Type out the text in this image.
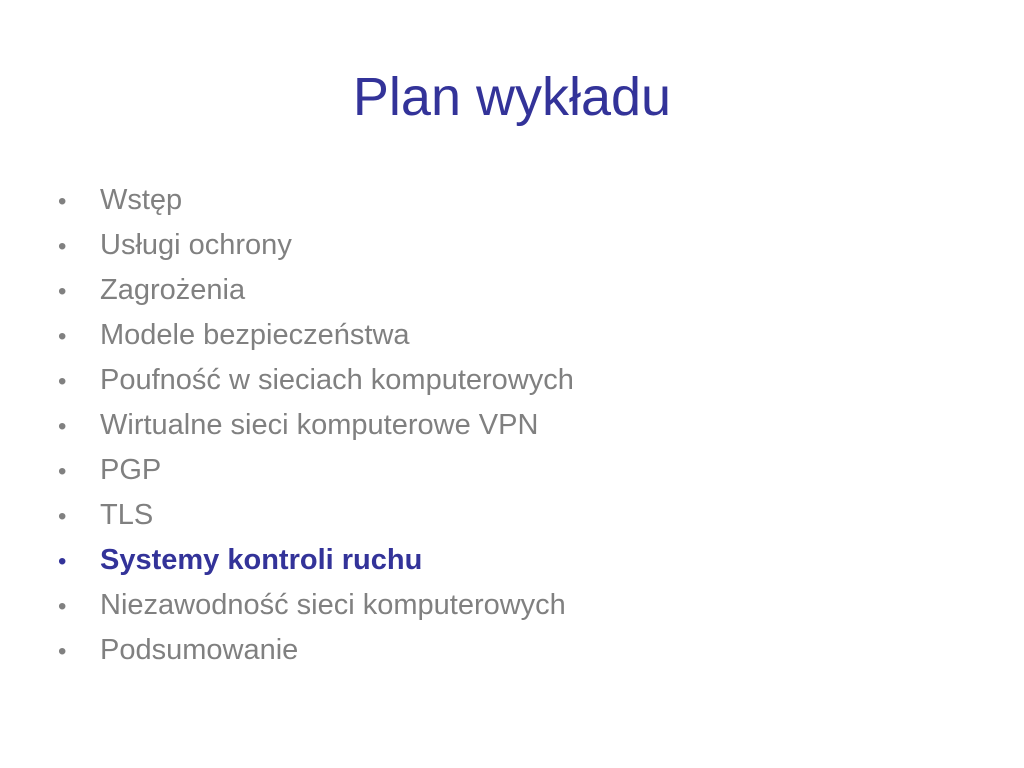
Plan wykładu
•	Wstęp
•	Usługi ochrony
•	Zagrożenia
•	Modele bezpieczeństwa
•	Poufność w sieciach komputerowych
•	Wirtualne sieci komputerowe VPN
•	PGP
•	TLS
•	Systemy kontroli ruchu
•	Niezawodność sieci komputerowych
•	Podsumowanie
